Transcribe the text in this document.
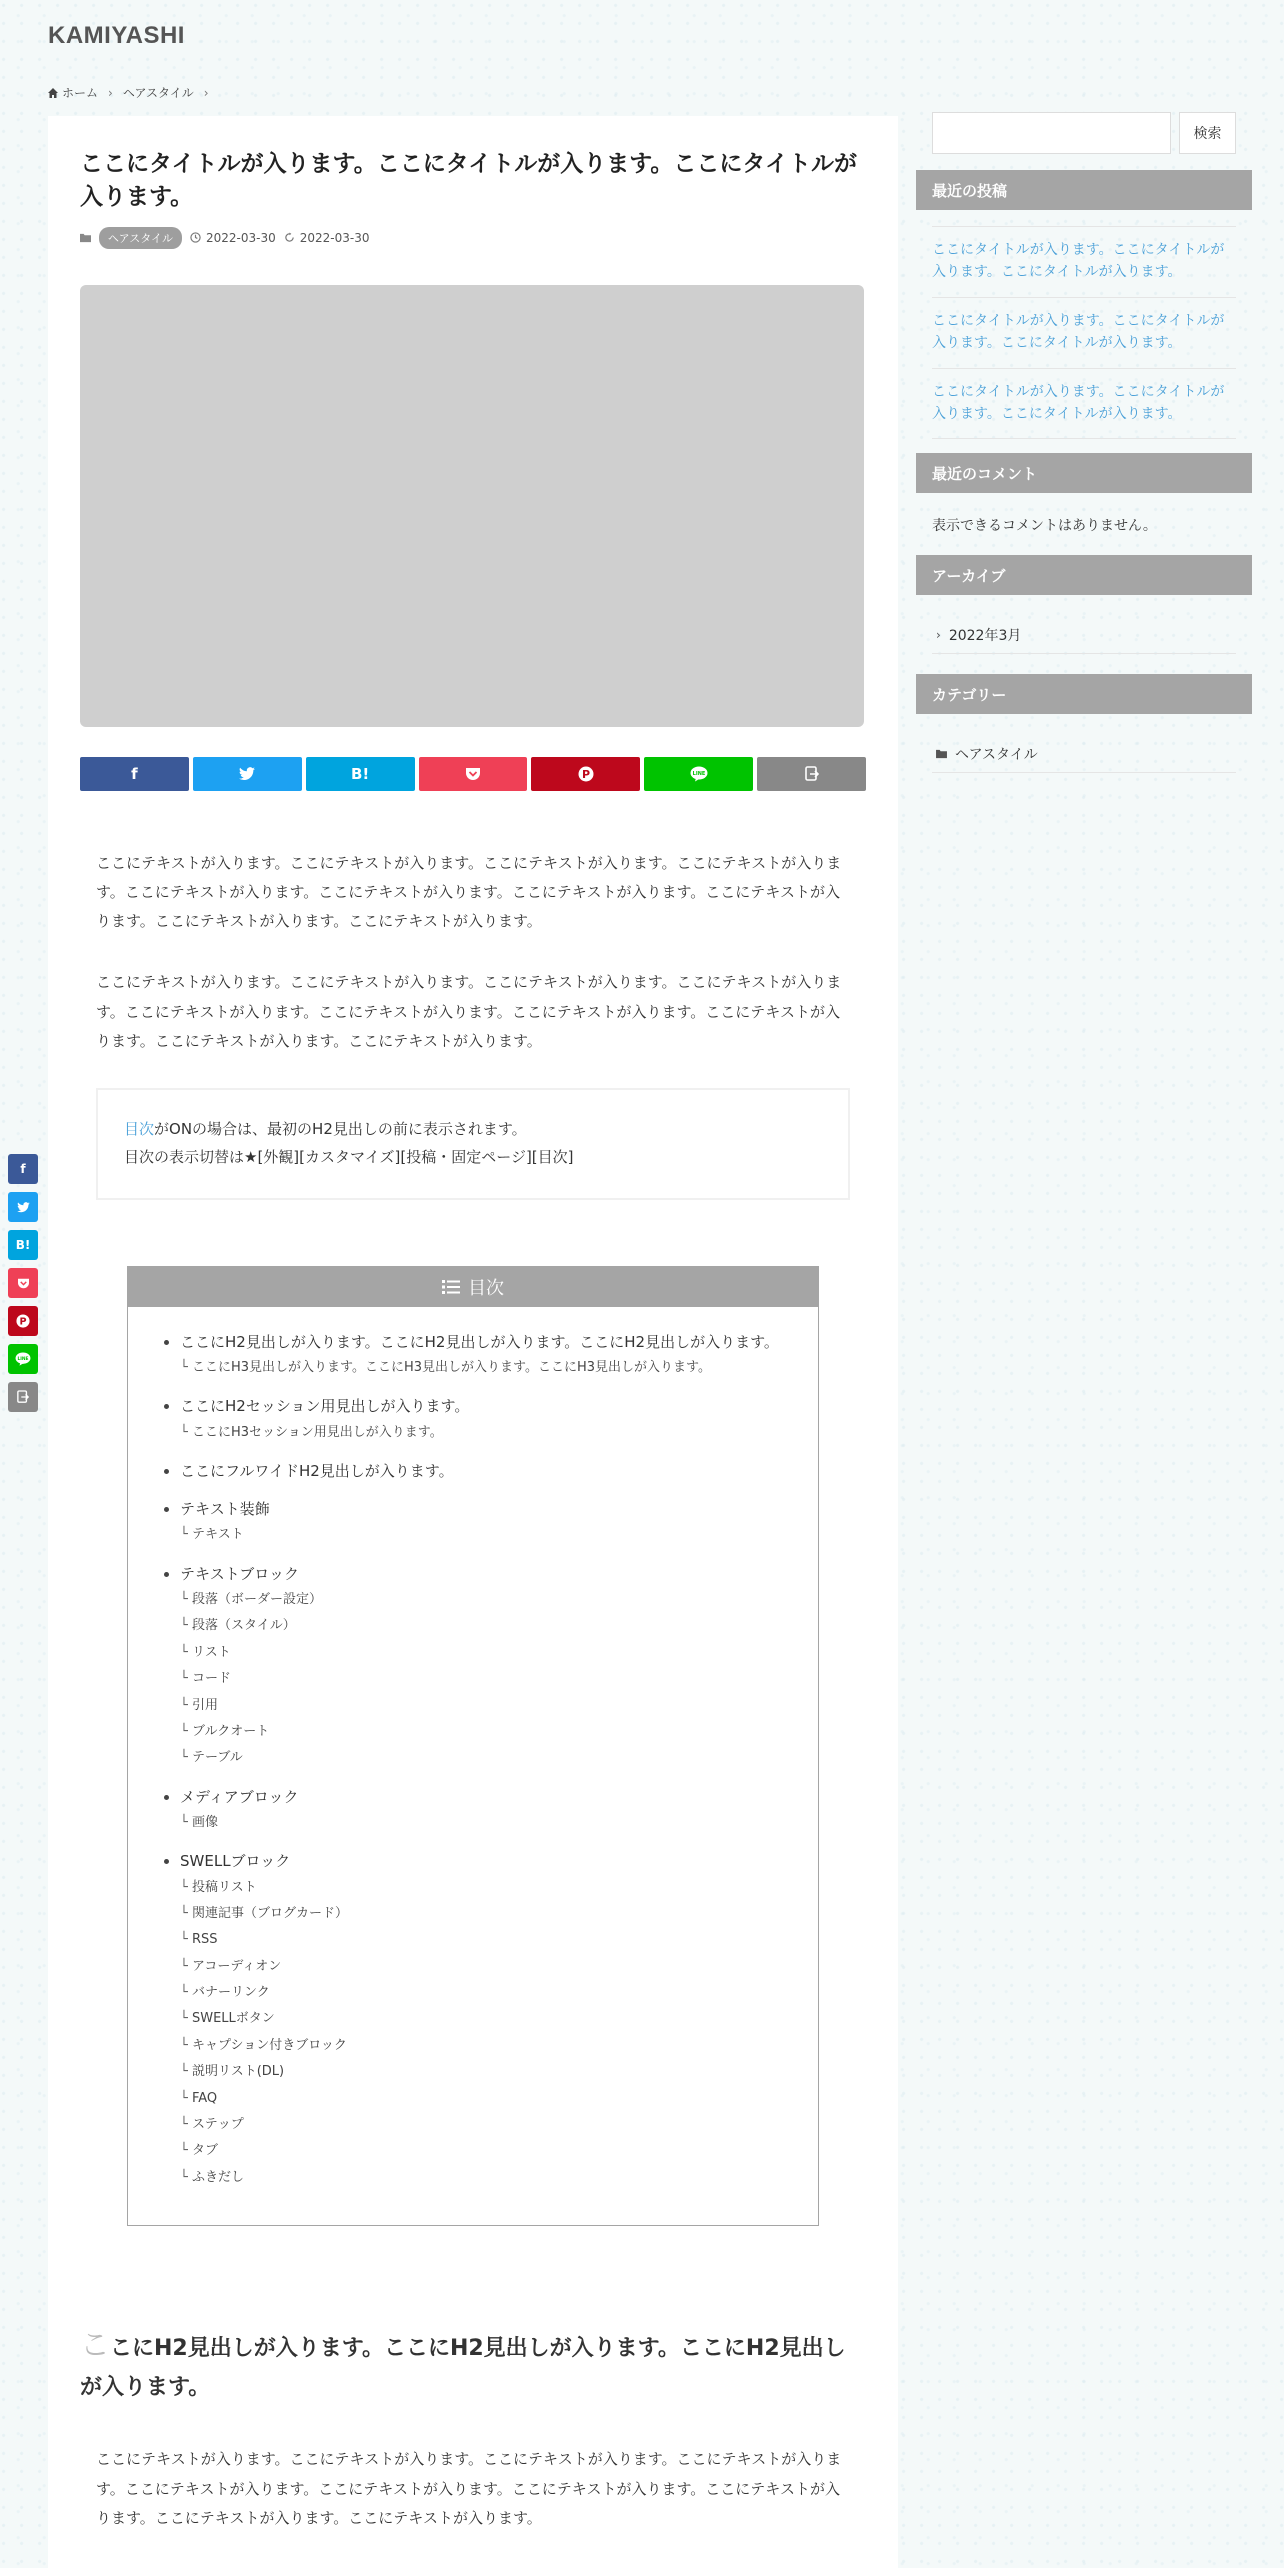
KAMIYASHI
ホーム › ヘアスタイル ›
ここにタイトルが入ります。ここにタイトルが入ります。ここにタイトルが入ります。
ヘアスタイル	2022-03-30 2022-03-30
f	B!	P	LINE

ここにテキストが入ります。ここにテキストが入ります。ここにテキストが入ります。ここにテキストが入ります。ここにテキストが入ります。ここにテキストが入ります。ここにテキストが入ります。ここにテキストが入ります。ここにテキストが入ります。ここにテキストが入ります。

ここにテキストが入ります。ここにテキストが入ります。ここにテキストが入ります。ここにテキストが入ります。ここにテキストが入ります。ここにテキストが入ります。ここにテキストが入ります。ここにテキストが入ります。ここにテキストが入ります。ここにテキストが入ります。

目次がONの場合は、最初のH2見出しの前に表示されます。
目次の表示切替は★[外観][カスタマイズ][投稿・固定ページ][目次]
目次
• ここにH2見出しが入ります。ここにH2見出しが入ります。ここにH2見出しが入ります。
└ ここにH3見出しが入ります。ここにH3見出しが入ります。ここにH3見出しが入ります。
• ここにH2セッション用見出しが入ります。
└ ここにH3セッション用見出しが入ります。
• ここにフルワイドH2見出しが入ります。
• テキスト装飾
└ テキスト
• テキストブロック
└ 段落（ボーダー設定）
└ 段落（スタイル）
└ リスト
└ コード
└ 引用
└ ブルクオート
└ テーブル
• メディアブロック
└ 画像
• SWELLブロック
└ 投稿リスト
└ 関連記事（ブログカード）
└ RSS
└ アコーディオン
└ バナーリンク
└ SWELLボタン
└ キャプション付きブロック
└ 説明リスト(DL)
└ FAQ
└ ステップ
└ タブ
└ ふきだし
ここにH2見出しが入ります。ここにH2見出しが入ります。ここにH2見出しが入ります。

ここにテキストが入ります。ここにテキストが入ります。ここにテキストが入ります。ここにテキストが入ります。ここにテキストが入ります。ここにテキストが入ります。ここにテキストが入ります。ここにテキストが入ります。ここにテキストが入ります。ここにテキストが入ります。

検索
最近の投稿
ここにタイトルが入ります。ここにタイトルが入ります。ここにタイトルが入ります。
ここにタイトルが入ります。ここにタイトルが入ります。ここにタイトルが入ります。
ここにタイトルが入ります。ここにタイトルが入ります。ここにタイトルが入ります。
最近のコメント
表示できるコメントはありません。
アーカイブ
› 2022年3月
カテゴリー
ヘアスタイル
f
B!
P
LINE
